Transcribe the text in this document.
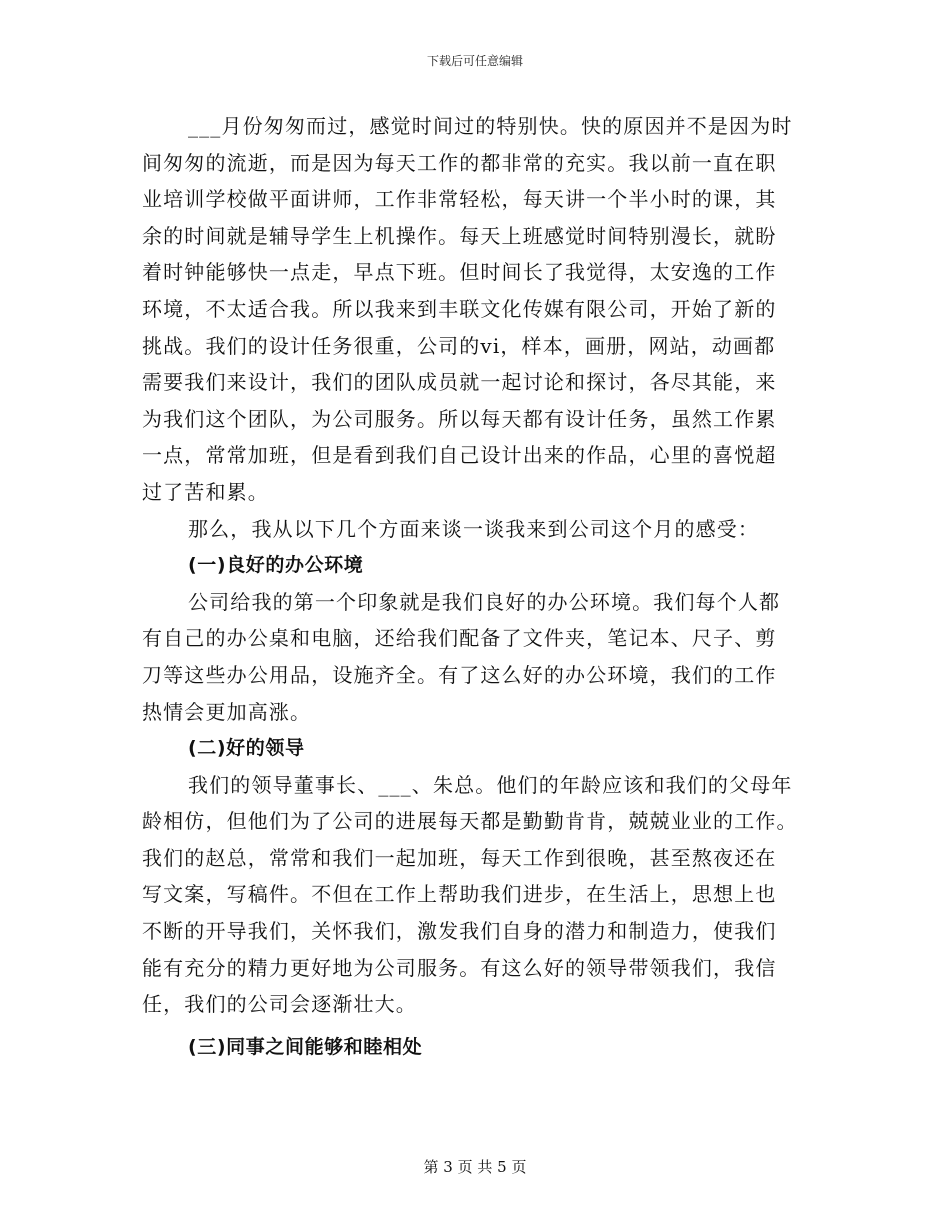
下载后可任意编辑
___月份匆匆而过，感觉时间过的特别快。快的原因并不是因为时
间匆匆的流逝，而是因为每天工作的都非常的充实。我以前一直在职
业培训学校做平面讲师，工作非常轻松，每天讲一个半小时的课，其
余的时间就是辅导学生上机操作。每天上班感觉时间特别漫长，就盼
着时钟能够快一点走，早点下班。但时间长了我觉得，太安逸的工作
环境，不太适合我。所以我来到丰联文化传媒有限公司，开始了新的
挑战。我们的设计任务很重，公司的vi，样本，画册，网站，动画都
需要我们来设计，我们的团队成员就一起讨论和探讨，各尽其能，来
为我们这个团队，为公司服务。所以每天都有设计任务，虽然工作累
一点，常常加班，但是看到我们自己设计出来的作品，心里的喜悦超
过了苦和累。
那么，我从以下几个方面来谈一谈我来到公司这个月的感受：
(一)良好的办公环境
公司给我的第一个印象就是我们良好的办公环境。我们每个人都
有自己的办公桌和电脑，还给我们配备了文件夹，笔记本、尺子、剪
刀等这些办公用品，设施齐全。有了这么好的办公环境，我们的工作
热情会更加高涨。
(二)好的领导
我们的领导董事长、___、朱总。他们的年龄应该和我们的父母年
龄相仿，但他们为了公司的进展每天都是勤勤肯肯，兢兢业业的工作。
我们的赵总，常常和我们一起加班，每天工作到很晚，甚至熬夜还在
写文案，写稿件。不但在工作上帮助我们进步，在生活上，思想上也
不断的开导我们，关怀我们，激发我们自身的潜力和制造力，使我们
能有充分的精力更好地为公司服务。有这么好的领导带领我们，我信
任，我们的公司会逐渐壮大。
(三)同事之间能够和睦相处
第 3 页 共 5 页
